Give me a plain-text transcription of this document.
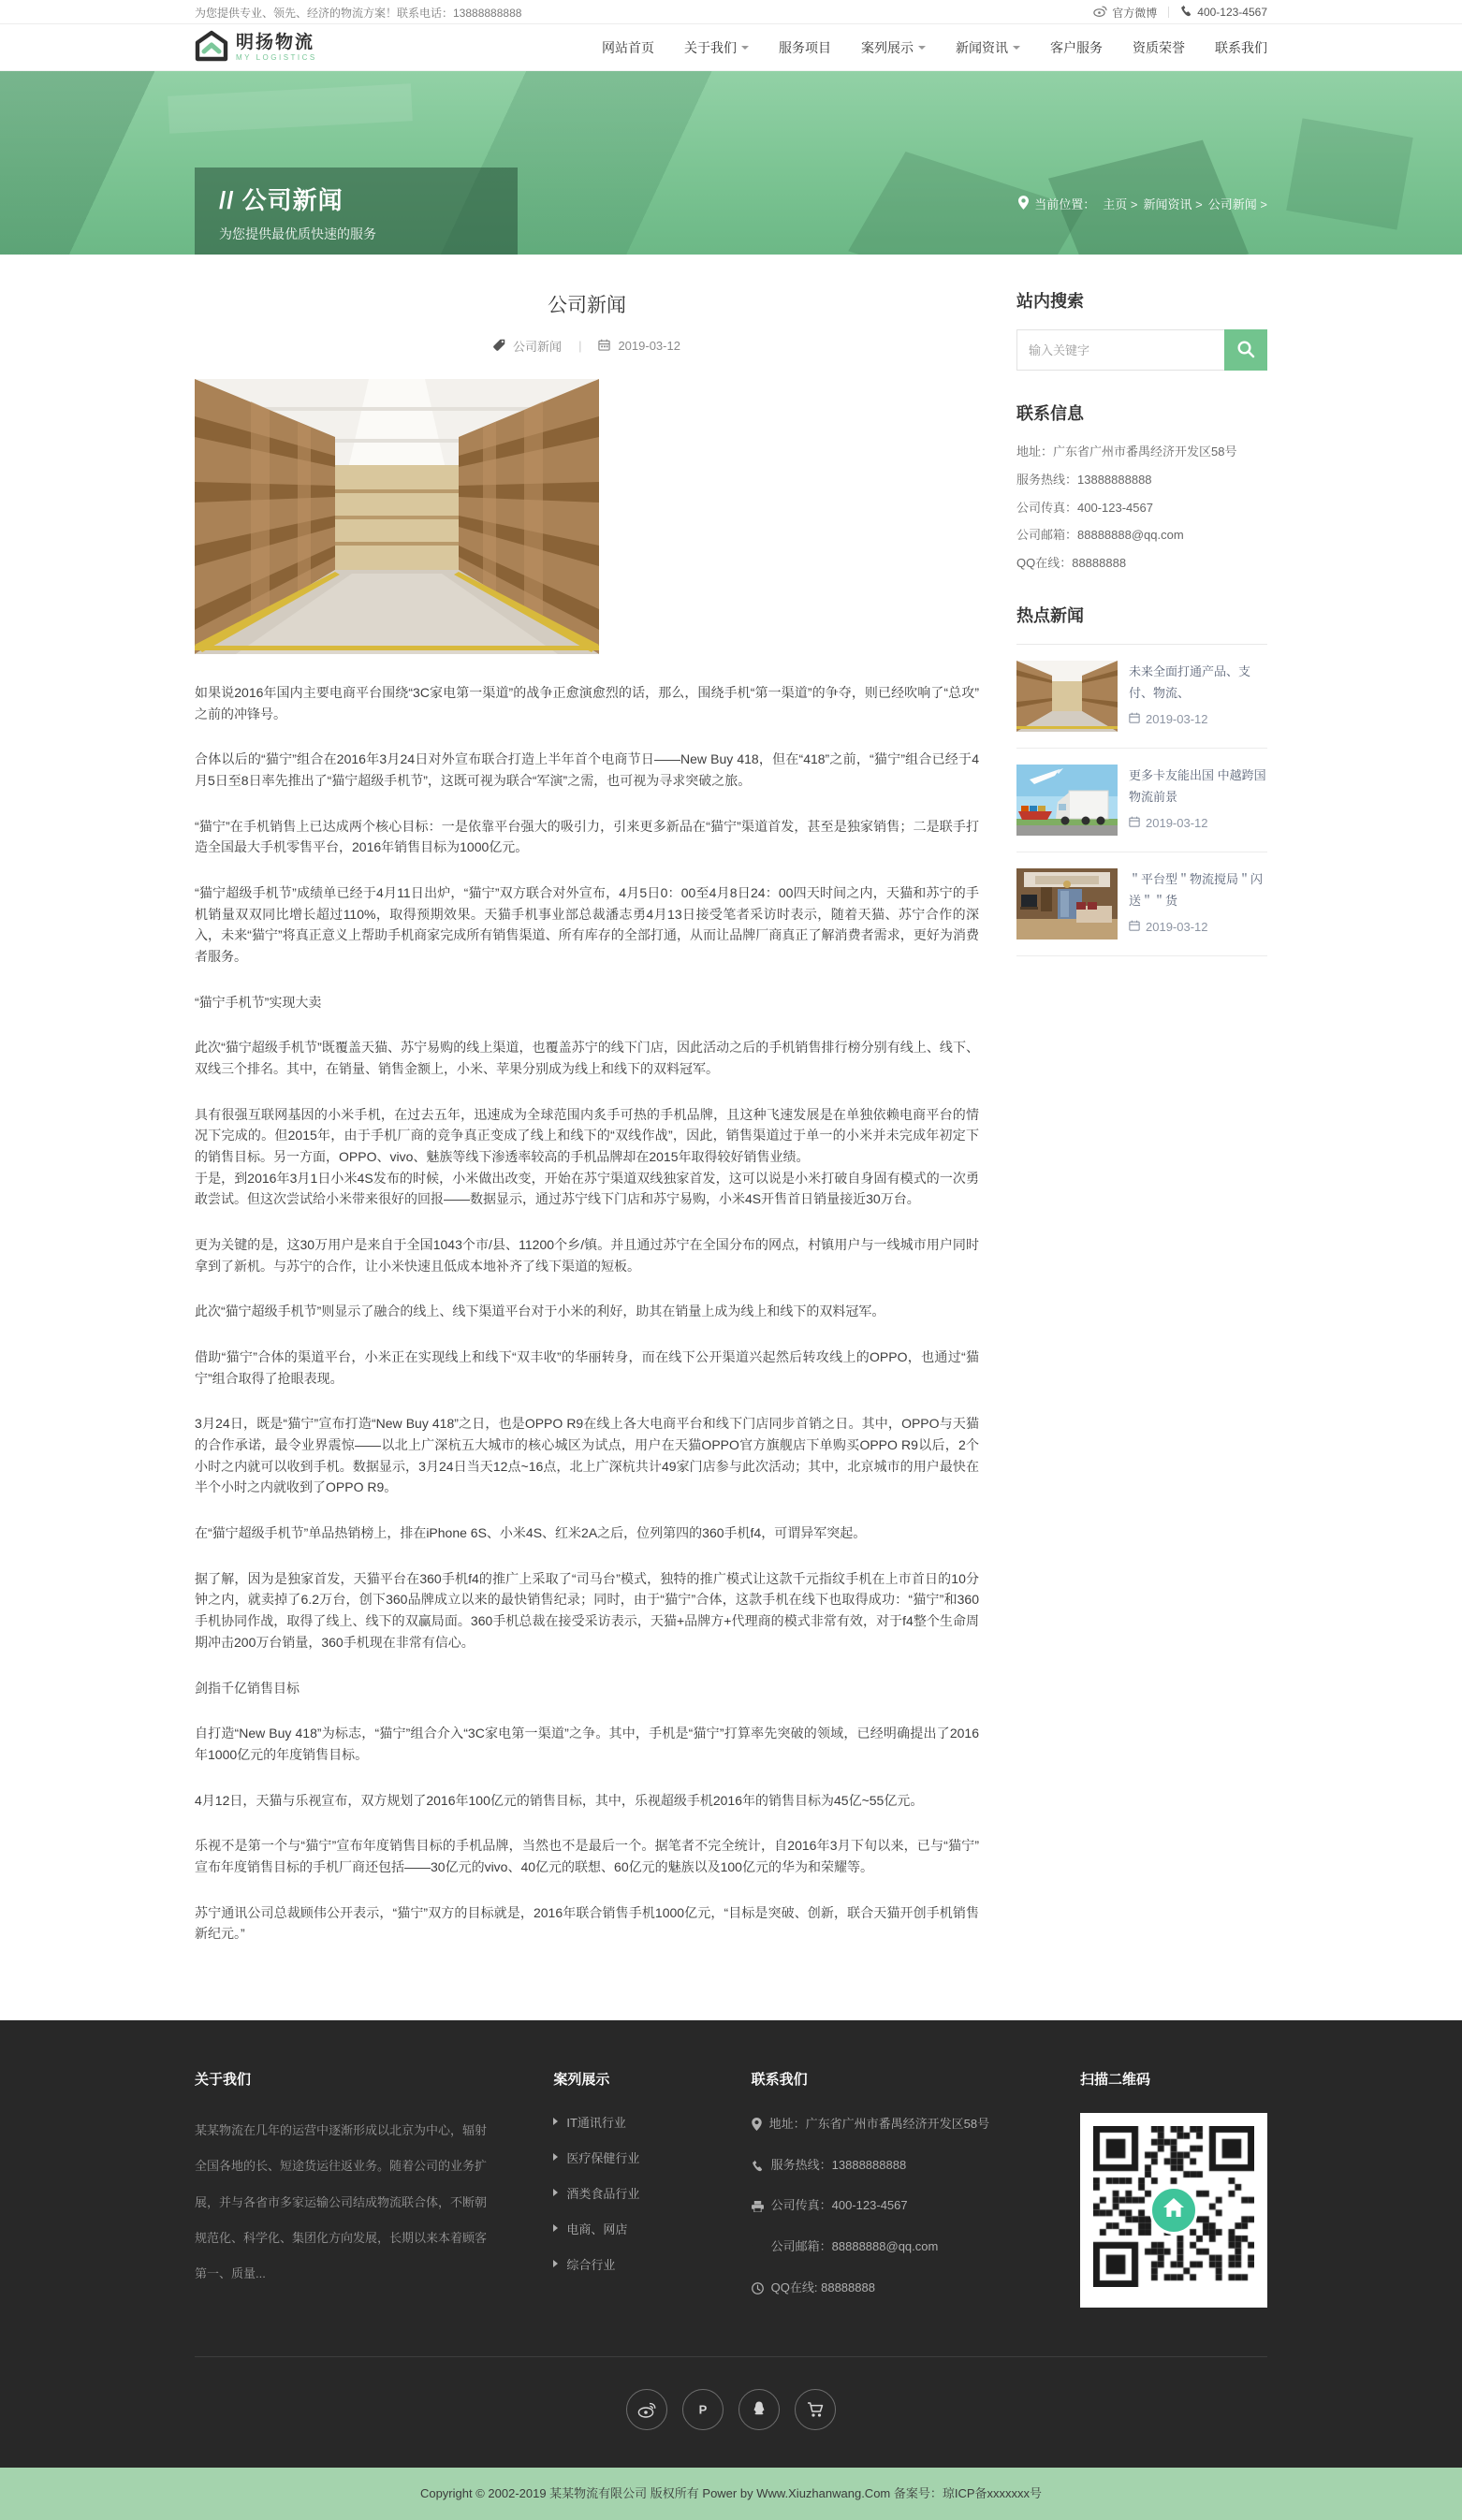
为您提供专业、领先、经济的物流方案！联系电话：13888888888	官方微博	400-123-4567
明扬物流
MY LOGISTICS
网站首页 关于我们	服务项目 案列展示	新闻资讯	客户服务 资质荣誉 联系我们
// 公司新闻

为您提供最优质快速的服务

当前位置： 主页 >	新闻资讯 >	公司新闻 >
公司新闻
公司新闻 |	2019-03-12

如果说2016年国内主要电商平台围绕“3C家电第一渠道”的战争正愈演愈烈的话，那么，围绕手机“第一渠道”的争夺，则已经吹响了“总攻”之前的冲锋号。

合体以后的“猫宁”组合在2016年3月24日对外宣布联合打造上半年首个电商节日——New Buy 418，但在“418”之前，“猫宁”组合已经于4月5日至8日率先推出了“猫宁超级手机节”，这既可视为联合“军演”之需，也可视为寻求突破之旅。

“猫宁”在手机销售上已达成两个核心目标：一是依靠平台强大的吸引力，引来更多新品在“猫宁”渠道首发，甚至是独家销售；二是联手打造全国最大手机零售平台，2016年销售目标为1000亿元。

“猫宁超级手机节”成绩单已经于4月11日出炉，“猫宁”双方联合对外宣布，4月5日0：00至4月8日24：00四天时间之内，天猫和苏宁的手机销量双双同比增长超过110%，取得预期效果。天猫手机事业部总裁潘志勇4月13日接受笔者采访时表示，随着天猫、苏宁合作的深入，未来“猫宁”将真正意义上帮助手机商家完成所有销售渠道、所有库存的全部打通，从而让品牌厂商真正了解消费者需求，更好为消费者服务。

“猫宁手机节”实现大卖

此次“猫宁超级手机节”既覆盖天猫、苏宁易购的线上渠道，也覆盖苏宁的线下门店，因此活动之后的手机销售排行榜分别有线上、线下、双线三个排名。其中，在销量、销售金额上，小米、苹果分别成为线上和线下的双料冠军。

具有很强互联网基因的小米手机，在过去五年，迅速成为全球范围内炙手可热的手机品牌，且这种飞速发展是在单独依赖电商平台的情况下完成的。但2015年，由于手机厂商的竞争真正变成了线上和线下的“双线作战”，因此，销售渠道过于单一的小米并未完成年初定下的销售目标。另一方面，OPPO、vivo、魅族等线下渗透率较高的手机品牌却在2015年取得较好销售业绩。

于是，到2016年3月1日小米4S发布的时候，小米做出改变，开始在苏宁渠道双线独家首发，这可以说是小米打破自身固有模式的一次勇敢尝试。但这次尝试给小米带来很好的回报——数据显示，通过苏宁线下门店和苏宁易购，小米4S开售首日销量接近30万台。

更为关键的是，这30万用户是来自于全国1043个市/县、11200个乡/镇。并且通过苏宁在全国分布的网点，村镇用户与一线城市用户同时拿到了新机。与苏宁的合作，让小米快速且低成本地补齐了线下渠道的短板。

此次“猫宁超级手机节”则显示了融合的线上、线下渠道平台对于小米的利好，助其在销量上成为线上和线下的双料冠军。

借助“猫宁”合体的渠道平台，小米正在实现线上和线下“双丰收”的华丽转身，而在线下公开渠道兴起然后转攻线上的OPPO，也通过“猫宁”组合取得了抢眼表现。

3月24日，既是“猫宁”宣布打造“New Buy 418”之日，也是OPPO R9在线上各大电商平台和线下门店同步首销之日。其中，OPPO与天猫的合作承诺，最令业界震惊——以北上广深杭五大城市的核心城区为试点，用户在天猫OPPO官方旗舰店下单购买OPPO R9以后，2个小时之内就可以收到手机。数据显示，3月24日当天12点~16点，北上广深杭共计49家门店参与此次活动；其中，北京城市的用户最快在半个小时之内就收到了OPPO R9。

在“猫宁超级手机节”单品热销榜上，排在iPhone 6S、小米4S、红米2A之后，位列第四的360手机f4，可谓异军突起。

据了解，因为是独家首发，天猫平台在360手机f4的推广上采取了“司马台”模式，独特的推广模式让这款千元指纹手机在上市首日的10分钟之内，就卖掉了6.2万台，创下360品牌成立以来的最快销售纪录；同时，由于“猫宁”合体，这款手机在线下也取得成功：“猫宁”和360手机协同作战，取得了线上、线下的双赢局面。360手机总裁在接受采访表示，天猫+品牌方+代理商的模式非常有效，对于f4整个生命周期冲击200万台销量，360手机现在非常有信心。

剑指千亿销售目标

自打造“New Buy 418”为标志，“猫宁”组合介入“3C家电第一渠道”之争。其中，手机是“猫宁”打算率先突破的领域，已经明确提出了2016年1000亿元的年度销售目标。

4月12日，天猫与乐视宣布，双方规划了2016年100亿元的销售目标，其中，乐视超级手机2016年的销售目标为45亿~55亿元。

乐视不是第一个与“猫宁”宣布年度销售目标的手机品牌，当然也不是最后一个。据笔者不完全统计，自2016年3月下旬以来，已与“猫宁”宣布年度销售目标的手机厂商还包括——30亿元的vivo、40亿元的联想、60亿元的魅族以及100亿元的华为和荣耀等。

苏宁通讯公司总裁顾伟公开表示，“猫宁”双方的目标就是，2016年联合销售手机1000亿元，“目标是突破、创新，联合天猫开创手机销售新纪元。”

站内搜索
输入关键字
联系信息

地址：广东省广州市番禺经济开发区58号

服务热线：13888888888

公司传真：400-123-4567

公司邮箱：88888888@qq.com

QQ在线：88888888

热点新闻
未来全面打通产品、支付、物流、
2019-03-12
更多卡友能出国 中越跨国物流前景
2019-03-12
＂平台型＂物流搅局＂闪送＂＂货
2019-03-12
关于我们

某某物流在几年的运营中逐渐形成以北京为中心，辐射全国各地的长、短途货运往返业务。随着公司的业务扩展，并与各省市多家运输公司结成物流联合体，不断朝规范化、科学化、集团化方向发展，长期以来本着顾客第一、质量...

案列展示
IT通讯行业
医疗保健行业
酒类食品行业
电商、网店
综合行业
联系我们

地址：广东省广州市番禺经济开发区58号

服务热线：13888888888

公司传真：400-123-4567

公司邮箱：88888888@qq.com

QQ在线: 88888888

扫描二维码
P
Copyright © 2002-2019 某某物流有限公司 版权所有 Power by Www.Xiuzhanwang.Com 备案号：琼ICP备xxxxxxx号
